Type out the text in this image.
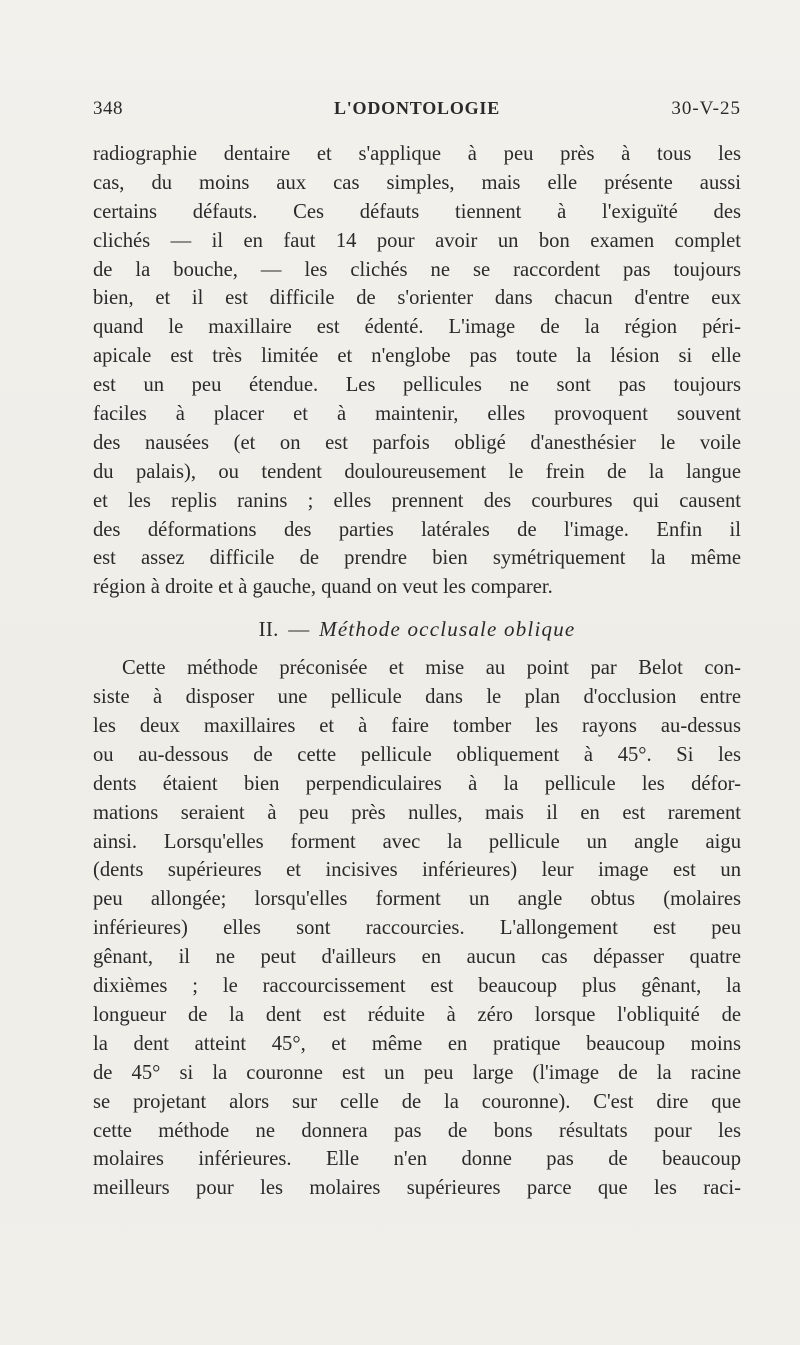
348	L'ODONTOLOGIE	30-V-25
radiographie dentaire et s'applique à peu près à tous les
cas, du moins aux cas simples, mais elle présente aussi
certains défauts. Ces défauts tiennent à l'exiguïté des
clichés — il en faut 14 pour avoir un bon examen complet
de la bouche, — les clichés ne se raccordent pas toujours
bien, et il est difficile de s'orienter dans chacun d'entre eux
quand le maxillaire est édenté. L'image de la région péri-
apicale est très limitée et n'englobe pas toute la lésion si elle
est un peu étendue. Les pellicules ne sont pas toujours
faciles à placer et à maintenir, elles provoquent souvent
des nausées (et on est parfois obligé d'anesthésier le voile
du palais), ou tendent douloureusement le frein de la langue
et les replis ranins ; elles prennent des courbures qui causent
des déformations des parties latérales de l'image. Enfin il
est assez difficile de prendre bien symétriquement la même
région à droite et à gauche, quand on veut les comparer.
II. — Méthode occlusale oblique
Cette méthode préconisée et mise au point par Belot con-
siste à disposer une pellicule dans le plan d'occlusion entre
les deux maxillaires et à faire tomber les rayons au-dessus
ou au-dessous de cette pellicule obliquement à 45°. Si les
dents étaient bien perpendiculaires à la pellicule les défor-
mations seraient à peu près nulles, mais il en est rarement
ainsi. Lorsqu'elles forment avec la pellicule un angle aigu
(dents supérieures et incisives inférieures) leur image est un
peu allongée; lorsqu'elles forment un angle obtus (molaires
inférieures) elles sont raccourcies. L'allongement est peu
gênant, il ne peut d'ailleurs en aucun cas dépasser quatre
dixièmes ; le raccourcissement est beaucoup plus gênant, la
longueur de la dent est réduite à zéro lorsque l'obliquité de
la dent atteint 45°, et même en pratique beaucoup moins
de 45° si la couronne est un peu large (l'image de la racine
se projetant alors sur celle de la couronne). C'est dire que
cette méthode ne donnera pas de bons résultats pour les
molaires inférieures. Elle n'en donne pas de beaucoup
meilleurs pour les molaires supérieures parce que les raci-
